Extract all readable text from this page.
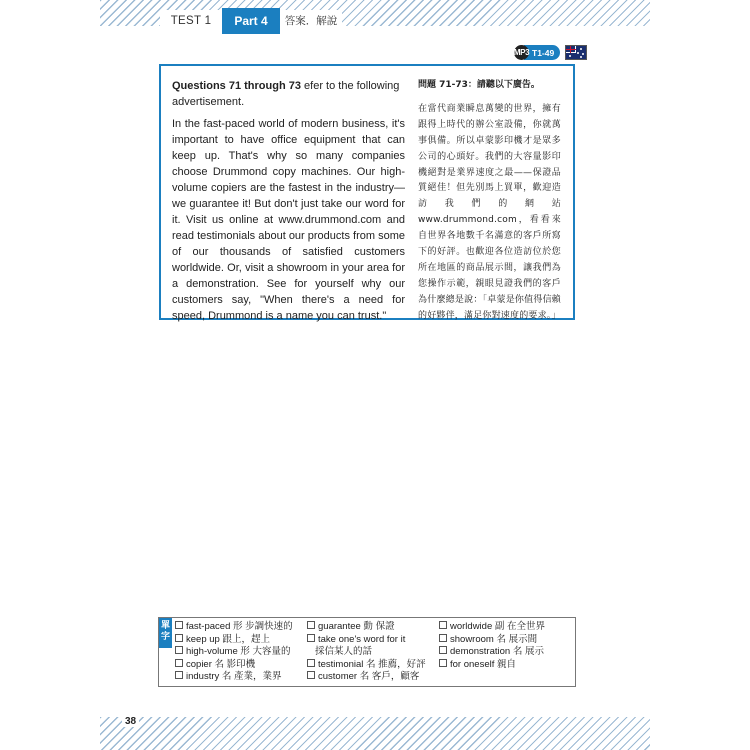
TEST 1	Part 4	答案．解說
MP3 T1-49

Questions 71 through 73 efer to the following advertisement.

In the fast-paced world of modern business, it's important to have office equipment that can keep up. That's why so many companies choose Drummond copy machines. Our high-volume copiers are the fastest in the industry—we guarantee it! But don't just take our word for it. Visit us online at www.drummond.com and read testimonials about our products from some of our thousands of satisfied customers worldwide. Or, visit a showroom in your area for a demonstration. See for yourself why our customers say, "When there's a need for speed, Drummond is a name you can trust."

問題 71-73：請聽以下廣告。

在當代商業瞬息萬變的世界，擁有跟得上時代的辦公室設備，你就萬事俱備。所以卓蒙影印機才是眾多公司的心頭好。我們的大容量影印機絕對是業界速度之最——保證品質絕佳！但先別馬上買單，歡迎造訪我們的網站 www.drummond.com，看看來自世界各地數千名滿意的客戶所寫下的好評。也歡迎各位造訪位於您所在地區的商品展示間，讓我們為您操作示範，親眼見證我們的客戶為什麼總是說：「卓蒙是你值得信賴的好夥伴，滿足你對速度的要求。」

單字
fast-paced 形 步調快速的
keep up 跟上，趕上
high-volume 形 大容量的
copier 名 影印機
industry 名 產業，業界
guarantee 動 保證
take one's word for it
採信某人的話
testimonial 名 推薦，好評
customer 名 客戶，顧客
worldwide 副 在全世界
showroom 名 展示間
demonstration 名 展示
for oneself 親自
38
